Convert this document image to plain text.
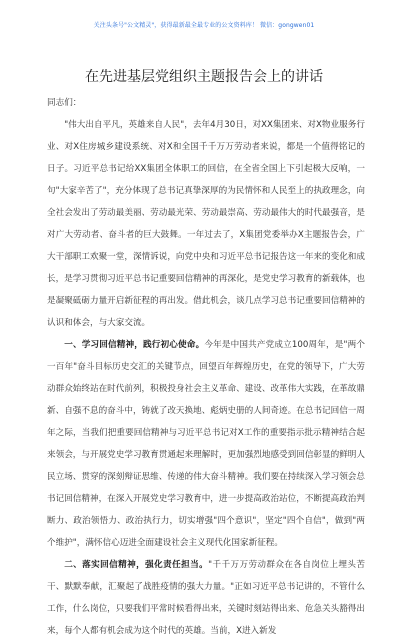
关注头条号"公文精灵"，获得最新最全最专业的公文资料库！ 微信：gongwen01
在先进基层党组织主题报告会上的讲话

同志们：

"伟大出自平凡，英雄来自人民"，去年4月30日，对XX集团来、对X物业服务行业、对X住房城乡建设系统、对X和全国千千万万劳动者来说，都是一个值得铭记的日子。习近平总书记给XX集团全体职工的回信，在全省全国上下引起极大反响，一句"大家辛苦了"，充分体现了总书记真挚深厚的为民情怀和人民至上的执政理念，向全社会发出了劳动最美丽、劳动最光荣、劳动最崇高、劳动最伟大的时代最强音，是对广大劳动者、奋斗者的巨大鼓舞。一年过去了，X集团党委举办X主题报告会，广大干部职工欢聚一堂，深情诉说，向党中央和习近平总书记报告这一年来的变化和成长，是学习贯彻习近平总书记重要回信精神的再深化，是党史学习教育的新载体，也是凝聚砥砺力量开启新征程的再出发。借此机会，谈几点学习总书记重要回信精神的认识和体会，与大家交流。

一、学习回信精神，践行初心使命。今年是中国共产党成立100周年，是"两个一百年"奋斗目标历史交汇的关键节点，回望百年辉煌历史，在党的领导下，广大劳动群众始终站在时代前列，积极投身社会主义革命、建设、改革伟大实践，在革故鼎新、自强不息的奋斗中，铸就了改天换地、彪炳史册的人间奇迹。在总书记回信一周年之际，当我们把重要回信精神与习近平总书记对X工作的重要指示批示精神结合起来领会，与开展党史学习教育贯通起来理解时，更加强烈地感受到回信彰显的鲜明人民立场、贯穿的深刻辩证思维、传递的伟大奋斗精神。我们要在持续深入学习领会总书记回信精神，在深入开展党史学习教育中，进一步提高政治站位，不断提高政治判断力、政治领悟力、政治执行力，切实增强"四个意识"，坚定"四个自信"，做到"两个维护"，满怀信心迈进全面建设社会主义现代化国家新征程。

二、落实回信精神，强化责任担当。"千千万万劳动群众在各自岗位上埋头苦干、默默奉献，汇聚起了战胜疫情的强大力量。"正如习近平总书记讲的，不管什么工作，什么岗位，只要我们平常时候看得出来，关键时刻站得出来、危急关头豁得出来，每个人都有机会成为这个时代的英雄。当前，X进入新发
